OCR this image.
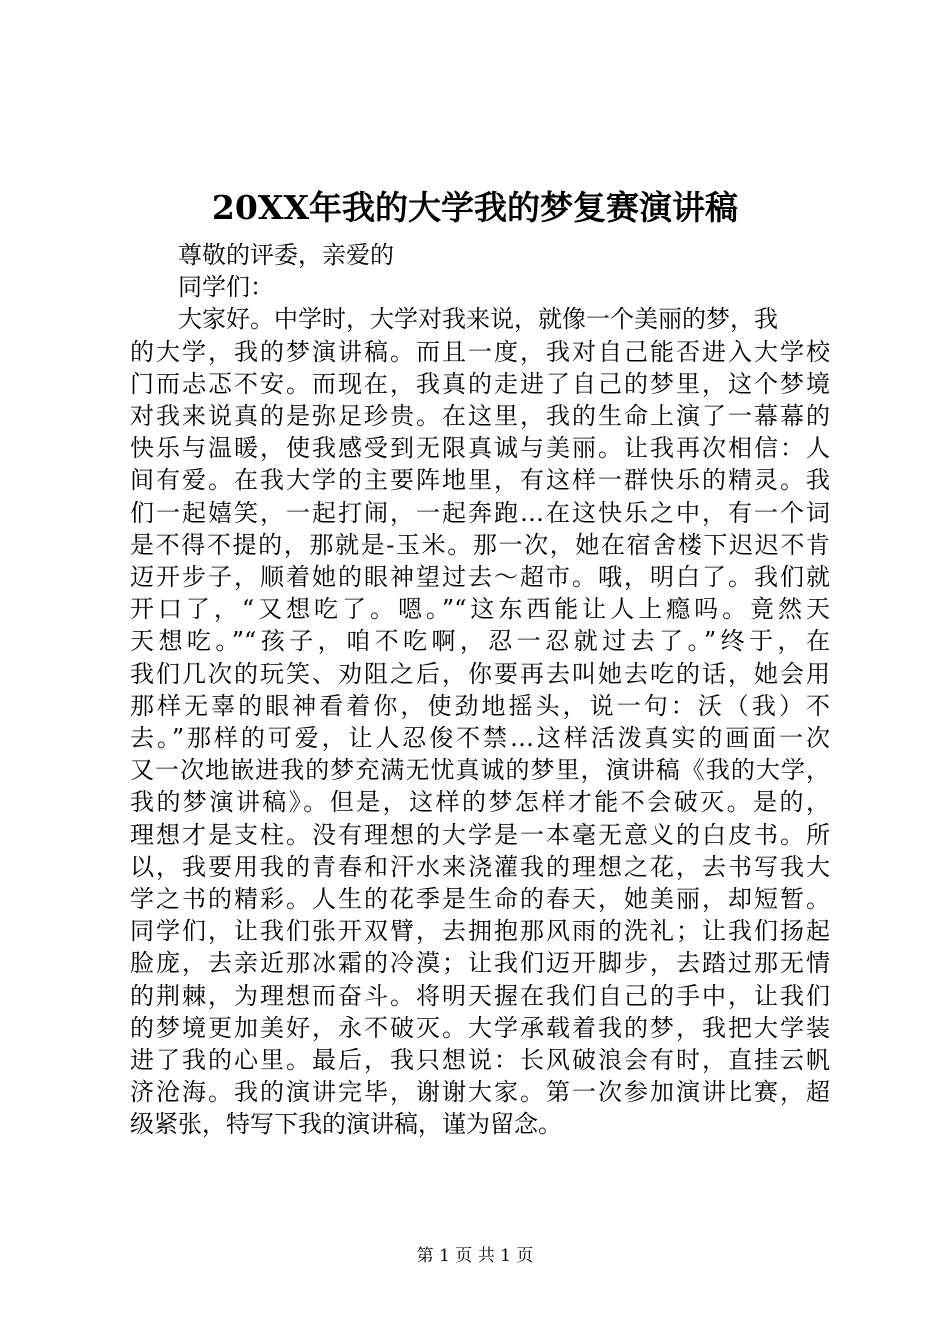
20XX年我的大学我的梦复赛演讲稿
尊敬的评委，亲爱的
同学们：
大家好。中学时，大学对我来说，就像一个美丽的梦，我
的大学，我的梦演讲稿。而且一度，我对自己能否进入大学校
门而忐忑不安。而现在，我真的走进了自己的梦里，这个梦境
对我来说真的是弥足珍贵。在这里，我的生命上演了一幕幕的
快乐与温暖，使我感受到无限真诚与美丽。让我再次相信：人
间有爱。在我大学的主要阵地里，有这样一群快乐的精灵。我
们一起嬉笑，一起打闹，一起奔跑…在这快乐之中，有一个词
是不得不提的，那就是-玉米。那一次，她在宿舍楼下迟迟不肯
迈开步子，顺着她的眼神望过去～超市。哦，明白了。我们就
开口了，“又想吃了。嗯。”“这东西能让人上瘾吗。竟然天
天想吃。”“孩子，咱不吃啊，忍一忍就过去了。”终于，在
我们几次的玩笑、劝阻之后，你要再去叫她去吃的话，她会用
那样无辜的眼神看着你，使劲地摇头，说一句：沃（我）不
去。”那样的可爱，让人忍俊不禁…这样活泼真实的画面一次
又一次地嵌进我的梦充满无忧真诚的梦里，演讲稿《我的大学，
我的梦演讲稿》。但是，这样的梦怎样才能不会破灭。是的，
理想才是支柱。没有理想的大学是一本毫无意义的白皮书。所
以，我要用我的青春和汗水来浇灌我的理想之花，去书写我大
学之书的精彩。人生的花季是生命的春天，她美丽，却短暂。
同学们，让我们张开双臂，去拥抱那风雨的洗礼；让我们扬起
脸庞，去亲近那冰霜的冷漠；让我们迈开脚步，去踏过那无情
的荆棘，为理想而奋斗。将明天握在我们自己的手中，让我们
的梦境更加美好，永不破灭。大学承载着我的梦，我把大学装
进了我的心里。最后，我只想说：长风破浪会有时，直挂云帆
济沧海。我的演讲完毕，谢谢大家。第一次参加演讲比赛，超
级紧张，特写下我的演讲稿，谨为留念。
第 1 页 共 1 页
